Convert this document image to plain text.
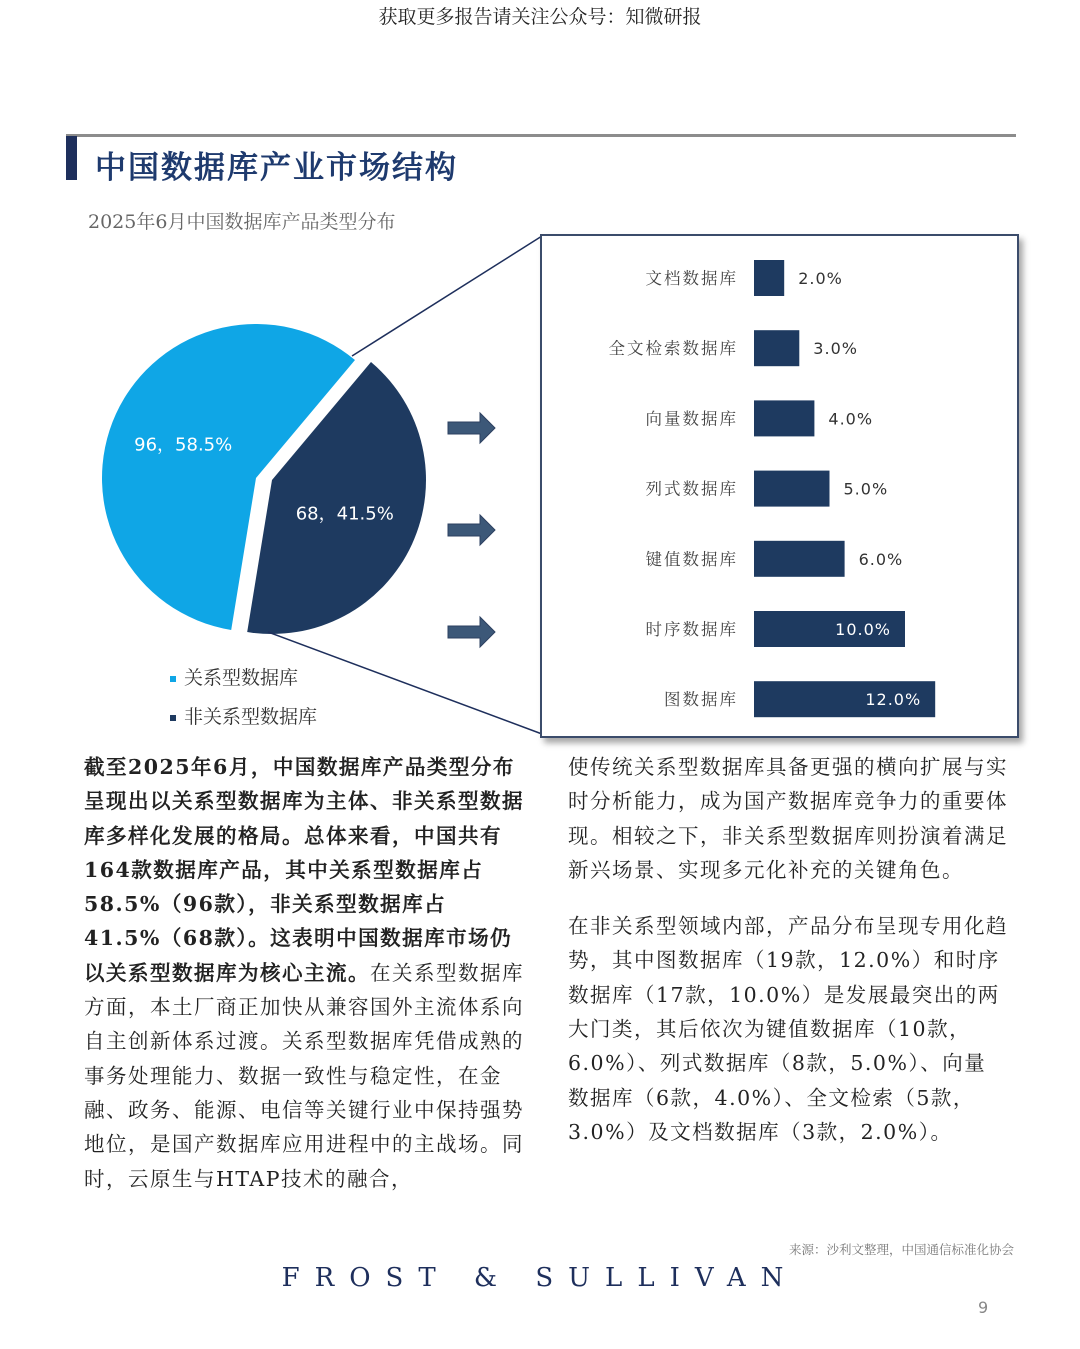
获取更多报告请关注公众号：知微研报
中国数据库产业市场结构
2025年6月中国数据库产品类型分布
96，58.5%
68，41.5%
关系型数据库
非关系型数据库
文档数据库	2.0%
全文检索数据库	3.0%
向量数据库	4.0%
列式数据库	5.0%
键值数据库	6.0%
时序数据库	10.0%
图数据库	12.0%

截至2025年6月，中国数据库产品类型分布呈现出以关系型数据库为主体、非关系型数据库多样化发展的格局。总体来看，中国共有164款数据库产品，其中关系型数据库占58.5%（96款），非关系型数据库占41.5%（68款）。这表明中国数据库市场仍以关系型数据库为核心主流。在关系型数据库方面，本土厂商正加快从兼容国外主流体系向自主创新体系过渡。关系型数据库凭借成熟的事务处理能力、数据一致性与稳定性，在金融、政务、能源、电信等关键行业中保持强势地位，是国产数据库应用进程中的主战场。同时，云原生与HTAP技术的融合，

使传统关系型数据库具备更强的横向扩展与实时分析能力，成为国产数据库竞争力的重要体现。相较之下，非关系型数据库则扮演着满足新兴场景、实现多元化补充的关键角色。

在非关系型领域内部，产品分布呈现专用化趋势，其中图数据库（19款，12.0%）和时序数据库（17款，10.0%）是发展最突出的两大门类，其后依次为键值数据库（10款，6.0%）、列式数据库（8款，5.0%）、向量数据库（6款，4.0%）、全文检索（5款，3.0%）及文档数据库（3款，2.0%）。

来源：沙利文整理，中国通信标准化协会
FROST & SULLIVAN
9
